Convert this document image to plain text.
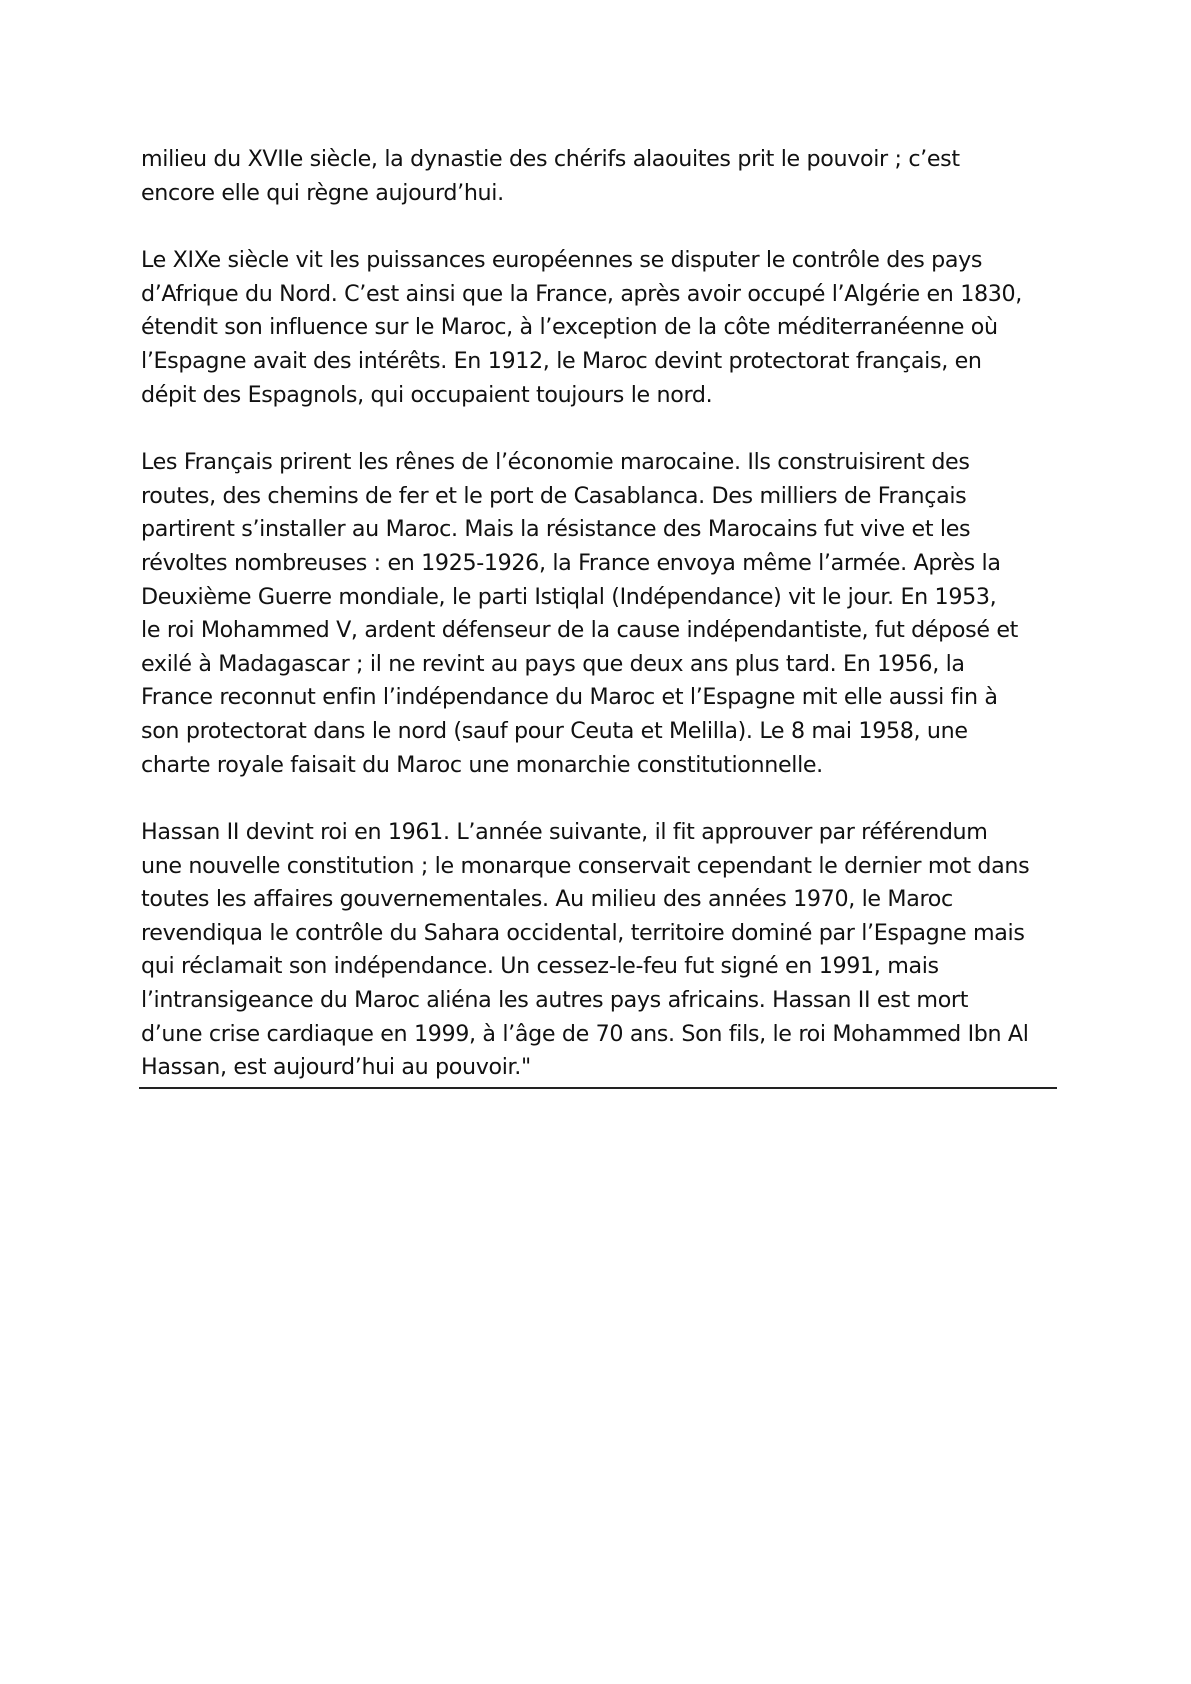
milieu du XVIIe siècle, la dynastie des chérifs alaouites prit le pouvoir ; c’est
encore elle qui règne aujourd’hui.
Le XIXe siècle vit les puissances européennes se disputer le contrôle des pays
d’Afrique du Nord. C’est ainsi que la France, après avoir occupé l’Algérie en 1830,
étendit son influence sur le Maroc, à l’exception de la côte méditerranéenne où
l’Espagne avait des intérêts. En 1912, le Maroc devint protectorat français, en
dépit des Espagnols, qui occupaient toujours le nord.
Les Français prirent les rênes de l’économie marocaine. Ils construisirent des
routes, des chemins de fer et le port de Casablanca. Des milliers de Français
partirent s’installer au Maroc. Mais la résistance des Marocains fut vive et les
révoltes nombreuses : en 1925-1926, la France envoya même l’armée. Après la
Deuxième Guerre mondiale, le parti Istiqlal (Indépendance) vit le jour. En 1953,
le roi Mohammed V, ardent défenseur de la cause indépendantiste, fut déposé et
exilé à Madagascar ; il ne revint au pays que deux ans plus tard. En 1956, la
France reconnut enfin l’indépendance du Maroc et l’Espagne mit elle aussi fin à
son protectorat dans le nord (sauf pour Ceuta et Melilla). Le 8 mai 1958, une
charte royale faisait du Maroc une monarchie constitutionnelle.
Hassan II devint roi en 1961. L’année suivante, il fit approuver par référendum
une nouvelle constitution ; le monarque conservait cependant le dernier mot dans
toutes les affaires gouvernementales. Au milieu des années 1970, le Maroc
revendiqua le contrôle du Sahara occidental, territoire dominé par l’Espagne mais
qui réclamait son indépendance. Un cessez-le-feu fut signé en 1991, mais
l’intransigeance du Maroc aliéna les autres pays africains. Hassan II est mort
d’une crise cardiaque en 1999, à l’âge de 70 ans. Son fils, le roi Mohammed Ibn Al
Hassan, est aujourd’hui au pouvoir."
